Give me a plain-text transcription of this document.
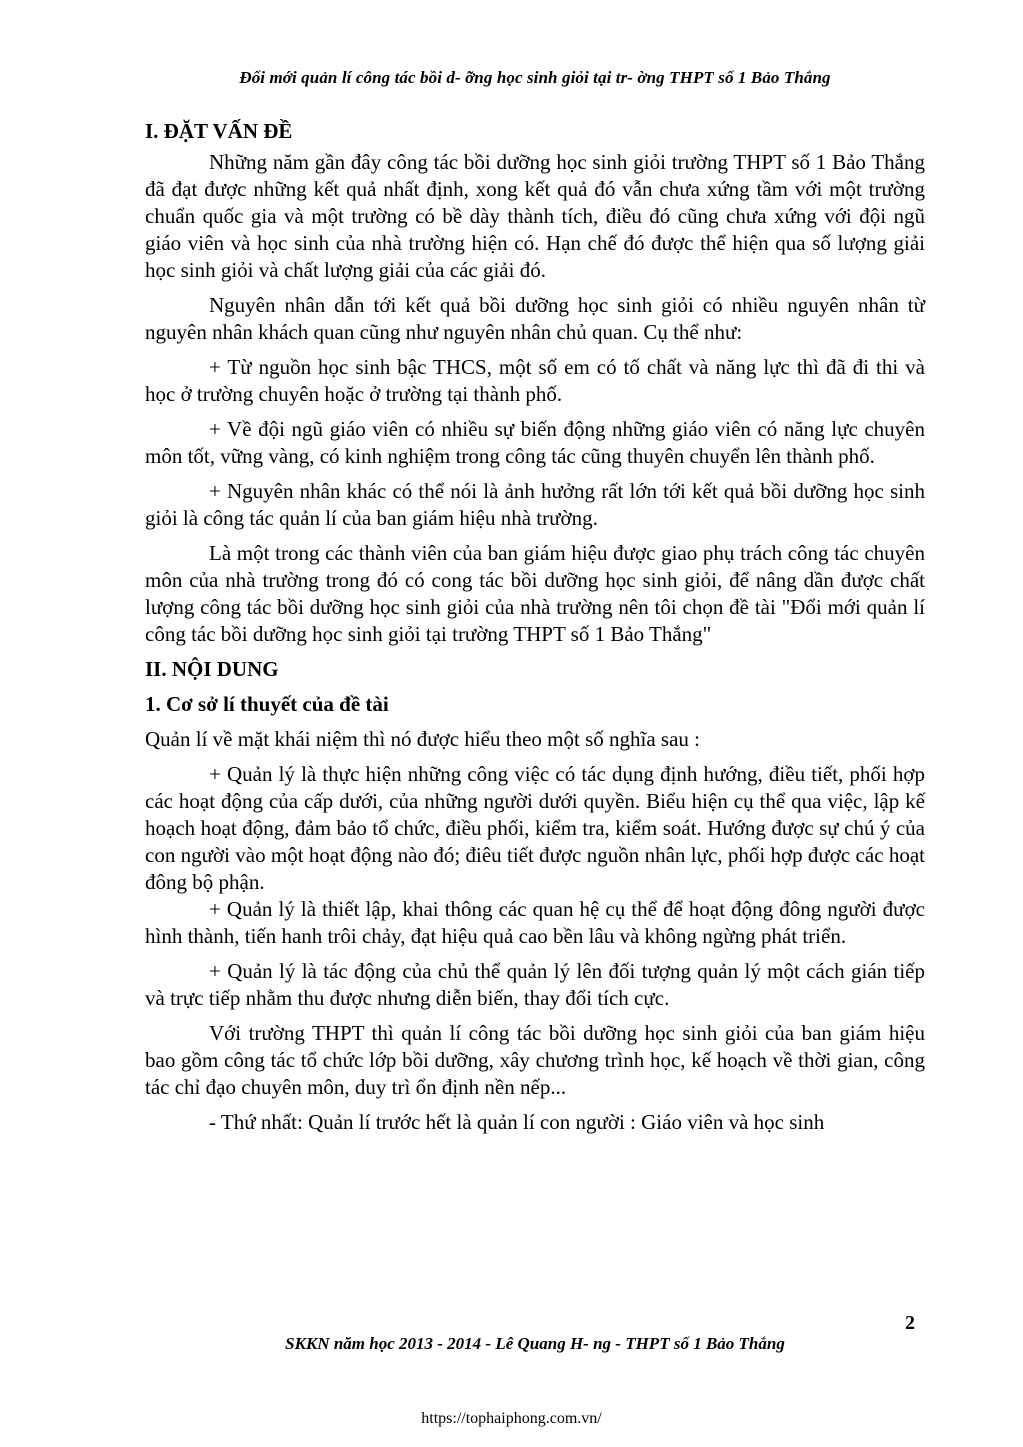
Đổi mới quản lí công tác bồi d- ỡng học sinh giỏi tại tr- ờng THPT số 1 Bảo Thắng
I. ĐẶT VẤN ĐỀ

Những năm gần đây công tác bồi dưỡng học sinh giỏi trường THPT số 1 Bảo Thắng đã đạt được những kết quả nhất định, xong kết quả đó vẫn chưa xứng tầm với một trường chuẩn quốc gia và một trường có bề dày thành tích, điều đó cũng chưa xứng với đội ngũ giáo viên và học sinh của nhà trường hiện có. Hạn chế đó được thể hiện qua số lượng giải học sinh giỏi và chất lượng giải của các giải đó.

Nguyên nhân dẫn tới kết quả bồi dưỡng học sinh giỏi có nhiều nguyên nhân từ nguyên nhân khách quan cũng như nguyên nhân chủ quan. Cụ thể như:

+ Từ nguồn học sinh bậc THCS, một số em có tố chất và năng lực thì đã đi thi và học ở trường chuyên hoặc ở trường tại thành phố.

+ Về đội ngũ giáo viên có nhiều sự biến động những giáo viên có năng lực chuyên môn tốt, vững vàng, có kinh nghiệm trong công tác cũng thuyên chuyển lên thành phố.

+ Nguyên nhân khác có thể nói là ảnh hưởng rất lớn tới kết quả bồi dưỡng học sinh giỏi là công tác quản lí của ban giám hiệu nhà trường.

Là một trong các thành viên của ban giám hiệu được giao phụ trách công tác chuyên môn của nhà trường trong đó có cong tác bồi dưỡng học sinh giỏi, để nâng dần được chất lượng công tác bồi dưỡng học sinh giỏi của nhà trường nên tôi chọn đề tài "Đổi mới quản lí công tác bồi dưỡng học sinh giỏi tại trường THPT số 1 Bảo Thắng"

II. NỘI DUNG
1. Cơ sở lí thuyết của đề tài

Quản lí về mặt khái niệm thì nó được hiểu theo một số nghĩa sau :

+ Quản lý là thực hiện những công việc có tác dụng định hướng, điều tiết, phối hợp các hoạt động của cấp dưới, của những người dưới quyền. Biểu hiện cụ thể qua việc, lập kế hoạch hoạt động, đảm bảo tổ chức, điều phối, kiểm tra, kiểm soát. Hướng được sự chú ý của con người vào một hoạt động nào đó; điêu tiết được nguồn nhân lực, phối hợp được các hoạt đông bộ phận.

+ Quản lý là thiết lập, khai thông các quan hệ cụ thể để hoạt động đông người được hình thành, tiến hanh trôi chảy, đạt hiệu quả cao bền lâu và không ngừng phát triển.

+ Quản lý là tác động của chủ thể quản lý lên đối tượng quản lý một cách gián tiếp và trực tiếp nhằm thu được nhưng diễn biến, thay đổi tích cực.

Với trường THPT thì quản lí công tác bồi dưỡng học sinh giỏi của ban giám hiệu bao gồm công tác tổ chức lớp bồi dưỡng, xây chương trình học, kế hoạch về thời gian, công tác chỉ đạo chuyên môn, duy trì ổn định nền nếp...

- Thứ nhất: Quản lí trước hết là quản lí con người : Giáo viên và học sinh

2
SKKN năm học 2013 - 2014 - Lê Quang H- ng - THPT số 1 Bảo Thắng
https://tophaiphong.com.vn/
